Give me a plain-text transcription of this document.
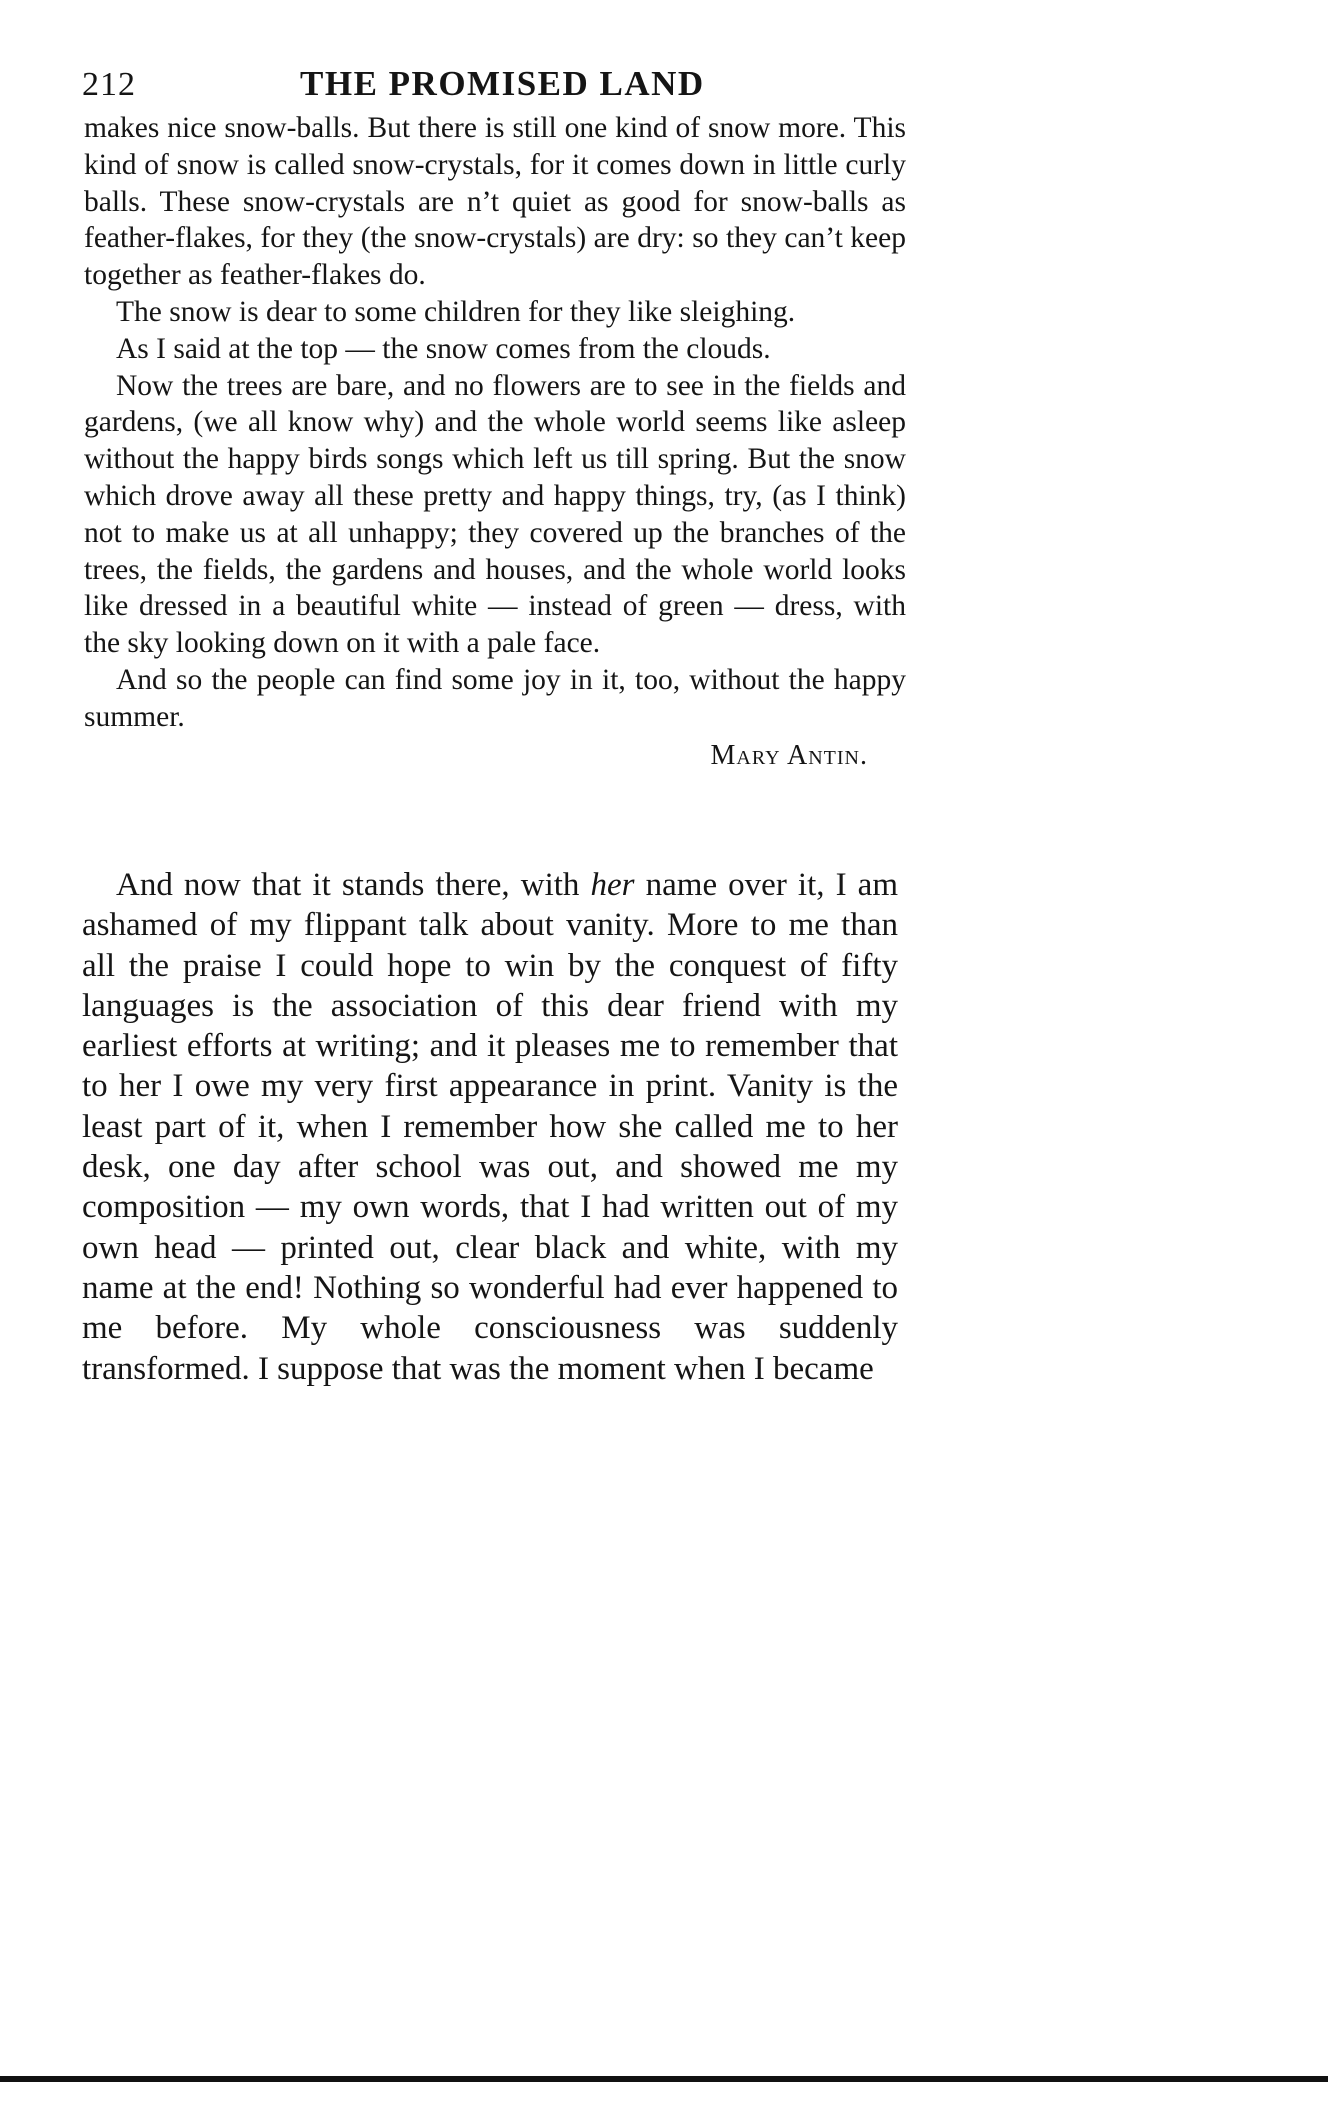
212	THE PROMISED LAND

makes nice snow-balls. But there is still one kind of snow more. This kind of snow is called snow-crystals, for it comes down in little curly balls. These snow-crystals are n’t quiet as good for snow-balls as feather-flakes, for they (the snow-crystals) are dry: so they can’t keep together as feather-flakes do.

The snow is dear to some children for they like sleighing.

As I said at the top — the snow comes from the clouds.

Now the trees are bare, and no flowers are to see in the fields and gardens, (we all know why) and the whole world seems like asleep without the happy birds songs which left us till spring. But the snow which drove away all these pretty and happy things, try, (as I think) not to make us at all unhappy; they covered up the branches of the trees, the fields, the gardens and houses, and the whole world looks like dressed in a beautiful white — instead of green — dress, with the sky looking down on it with a pale face.

And so the people can find some joy in it, too, without the happy summer.

Mary Antin.

And now that it stands there, with her name over it, I am ashamed of my flippant talk about vanity. More to me than all the praise I could hope to win by the conquest of fifty languages is the association of this dear friend with my earliest efforts at writing; and it pleases me to remember that to her I owe my very first appearance in print. Vanity is the least part of it, when I remember how she called me to her desk, one day after school was out, and showed me my composition — my own words, that I had written out of my own head — printed out, clear black and white, with my name at the end! Nothing so wonderful had ever happened to me before. My whole consciousness was suddenly transformed. I suppose that was the moment when I became
